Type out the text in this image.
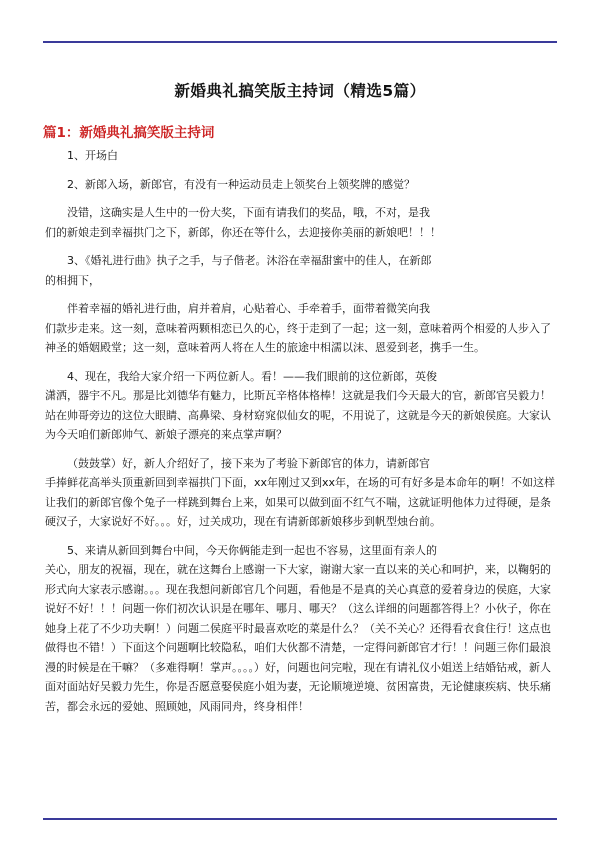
新婚典礼搞笑版主持词（精选5篇）
篇1：新婚典礼搞笑版主持词

1、开场白

2、新郎入场，新郎官，有没有一种运动员走上领奖台上领奖牌的感觉？

没错，这确实是人生中的一份大奖，下面有请我们的奖品，哦，不对，是我
们的新娘走到幸福拱门之下，新郎，你还在等什么，去迎接你美丽的新娘吧！！！

3、《婚礼进行曲》执子之手，与子偕老。沐浴在幸福甜蜜中的佳人，在新郎
的相拥下，

伴着幸福的婚礼进行曲，肩并着肩，心贴着心、手牵着手，面带着微笑向我
们款步走来。这一刻，意味着两颗相恋已久的心，终于走到了一起；这一刻，意味着两个相爱的人步入了神圣的婚姻殿堂；这一刻，意味着两人将在人生的旅途中相濡以沫、恩爱到老，携手一生。

4、现在，我给大家介绍一下两位新人。看！——我们眼前的这位新郎，英俊
潇洒，器宇不凡。那是比刘德华有魅力，比斯瓦辛格体格棒！这就是我们今天最大的官，新郎官吴毅力！站在帅哥旁边的这位大眼睛、高鼻梁、身材窈窕似仙女的呢，不用说了，这就是今天的新娘侯庭。大家认为今天咱们新郎帅气、新娘子漂亮的来点掌声啊？

（鼓鼓掌）好，新人介绍好了，接下来为了考验下新郎官的体力，请新郎官
手捧鲜花高举头顶重新回到幸福拱门下面，xx年刚过又到xx年，在场的可有好多是本命年的啊！不如这样让我们的新郎官像个兔子一样跳到舞台上来，如果可以做到面不红气不喘，这就证明他体力过得硬，是条硬汉子，大家说好不好。。。好，过关成功，现在有请新郎新娘移步到帆型烛台前。

5、来请从新回到舞台中间，今天你俩能走到一起也不容易，这里面有亲人的
关心，朋友的祝福，现在，就在这舞台上感谢一下大家，谢谢大家一直以来的关心和呵护，来，以鞠躬的形式向大家表示感谢。。。现在我想问新郎官几个问题，看他是不是真的关心真意的爱着身边的侯庭，大家说好不好！！！问题一你们初次认识是在哪年、哪月、哪天？（这么详细的问题都答得上？小伙子，你在她身上花了不少功夫啊！）问题二侯庭平时最喜欢吃的菜是什么？（关不关心？还得看衣食住行！这点也做得也不错！）下面这个问题啊比较隐私，咱们大伙都不清楚，一定得问新郎官才行！！问题三你们最浪漫的时候是在干嘛？（多难得啊！掌声。。。。）好，问题也问完啦，现在有请礼仪小姐送上结婚钻戒，新人面对面站好吴毅力先生，你是否愿意娶侯庭小姐为妻，无论顺境逆境、贫困富贵，无论健康疾病、快乐痛苦，都会永远的爱她、照顾她，风雨同舟，终身相伴！
